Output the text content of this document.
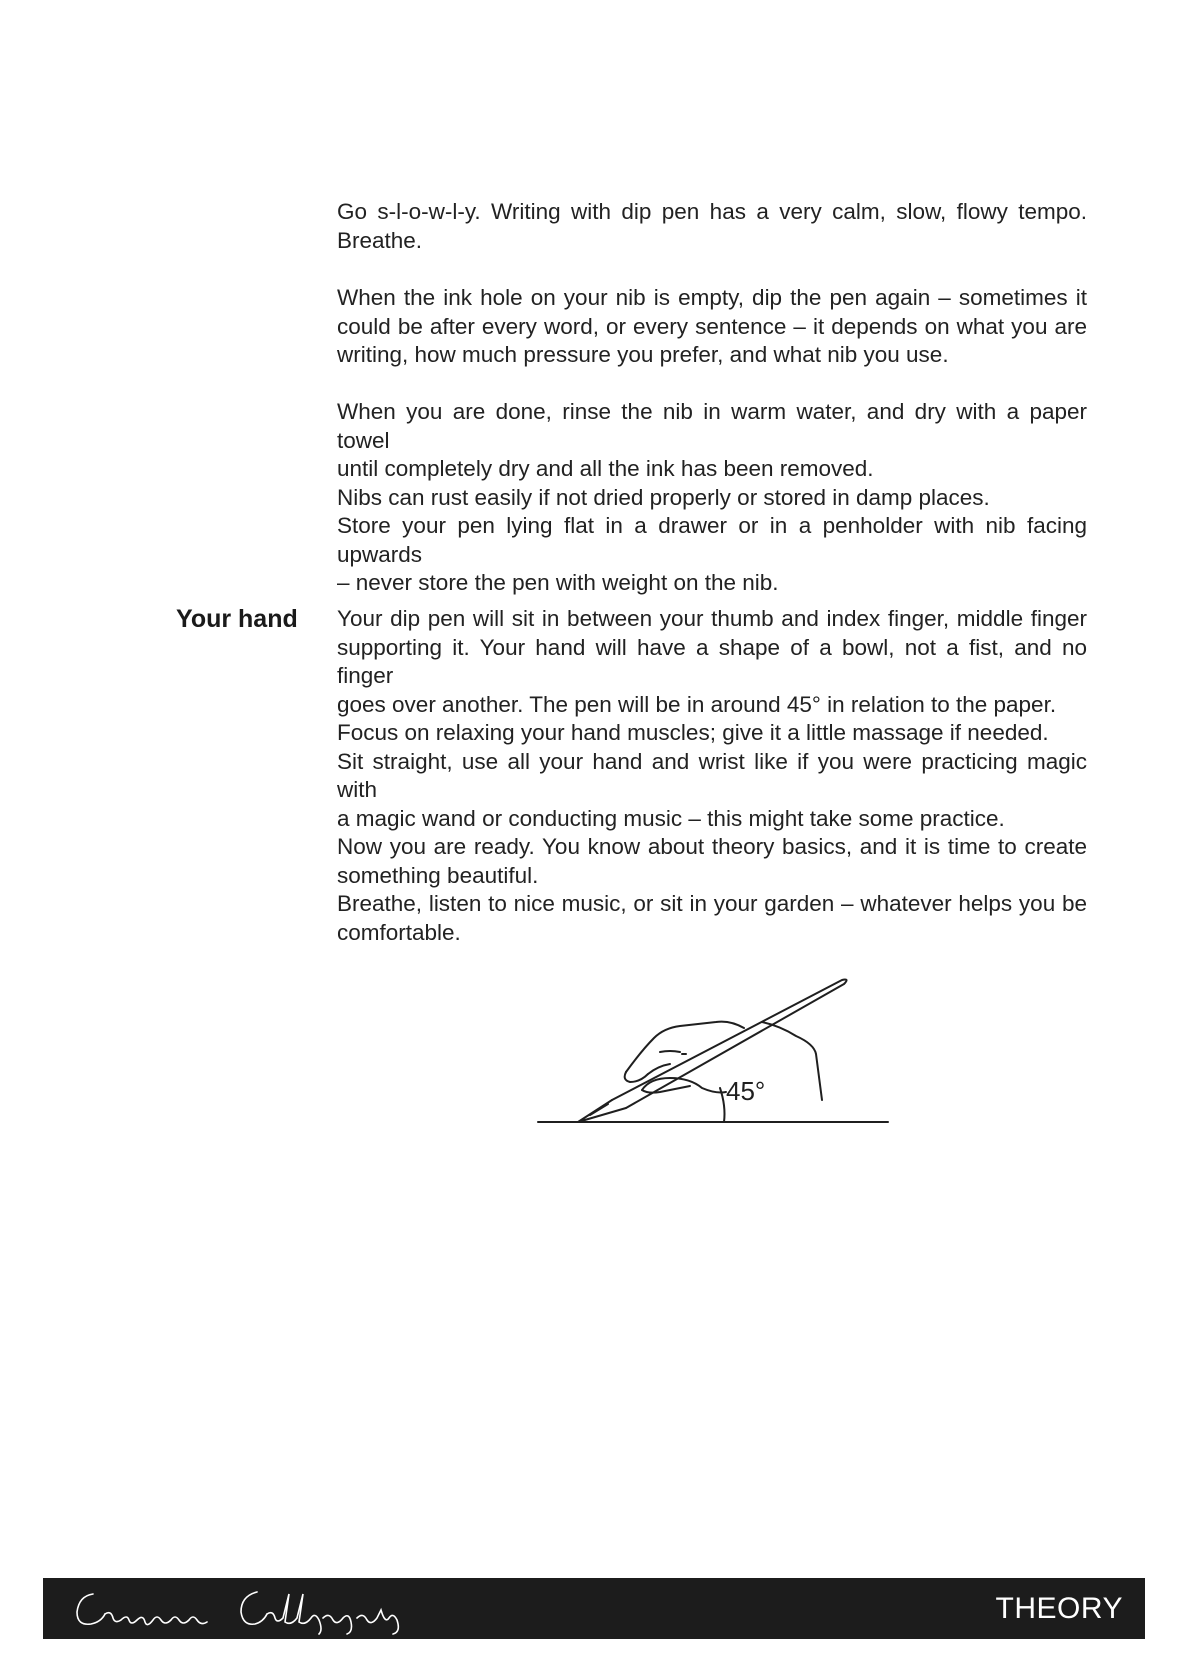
Go s-l-o-w-l-y. Writing with dip pen has a very calm, slow, flowy tempo.
Breathe.

When the ink hole on your nib is empty, dip the pen again – sometimes it
could be after every word, or every sentence – it depends on what you are
writing, how much pressure you prefer, and what nib you use.

When you are done, rinse the nib in warm water, and dry with a paper towel
until completely dry and all the ink has been removed.
Nibs can rust easily if not dried properly or stored in damp places.
Store your pen lying flat in a drawer or in a penholder with nib facing upwards
– never store the pen with weight on the nib.

Your hand	Your dip pen will sit in between your thumb and index finger, middle finger
supporting it. Your hand will have a shape of a bowl, not a fist, and no finger
goes over another. The pen will be in around 45° in relation to the paper.

Focus on relaxing your hand muscles; give it a little massage if needed.
Sit straight, use all your hand and wrist like if you were practicing magic with
a magic wand or conducting music – this might take some practice.

Now you are ready. You know about theory basics, and it is time to create
something beautiful.
Breathe, listen to nice music, or sit in your garden – whatever helps you be
comfortable.

45°
THEORY
